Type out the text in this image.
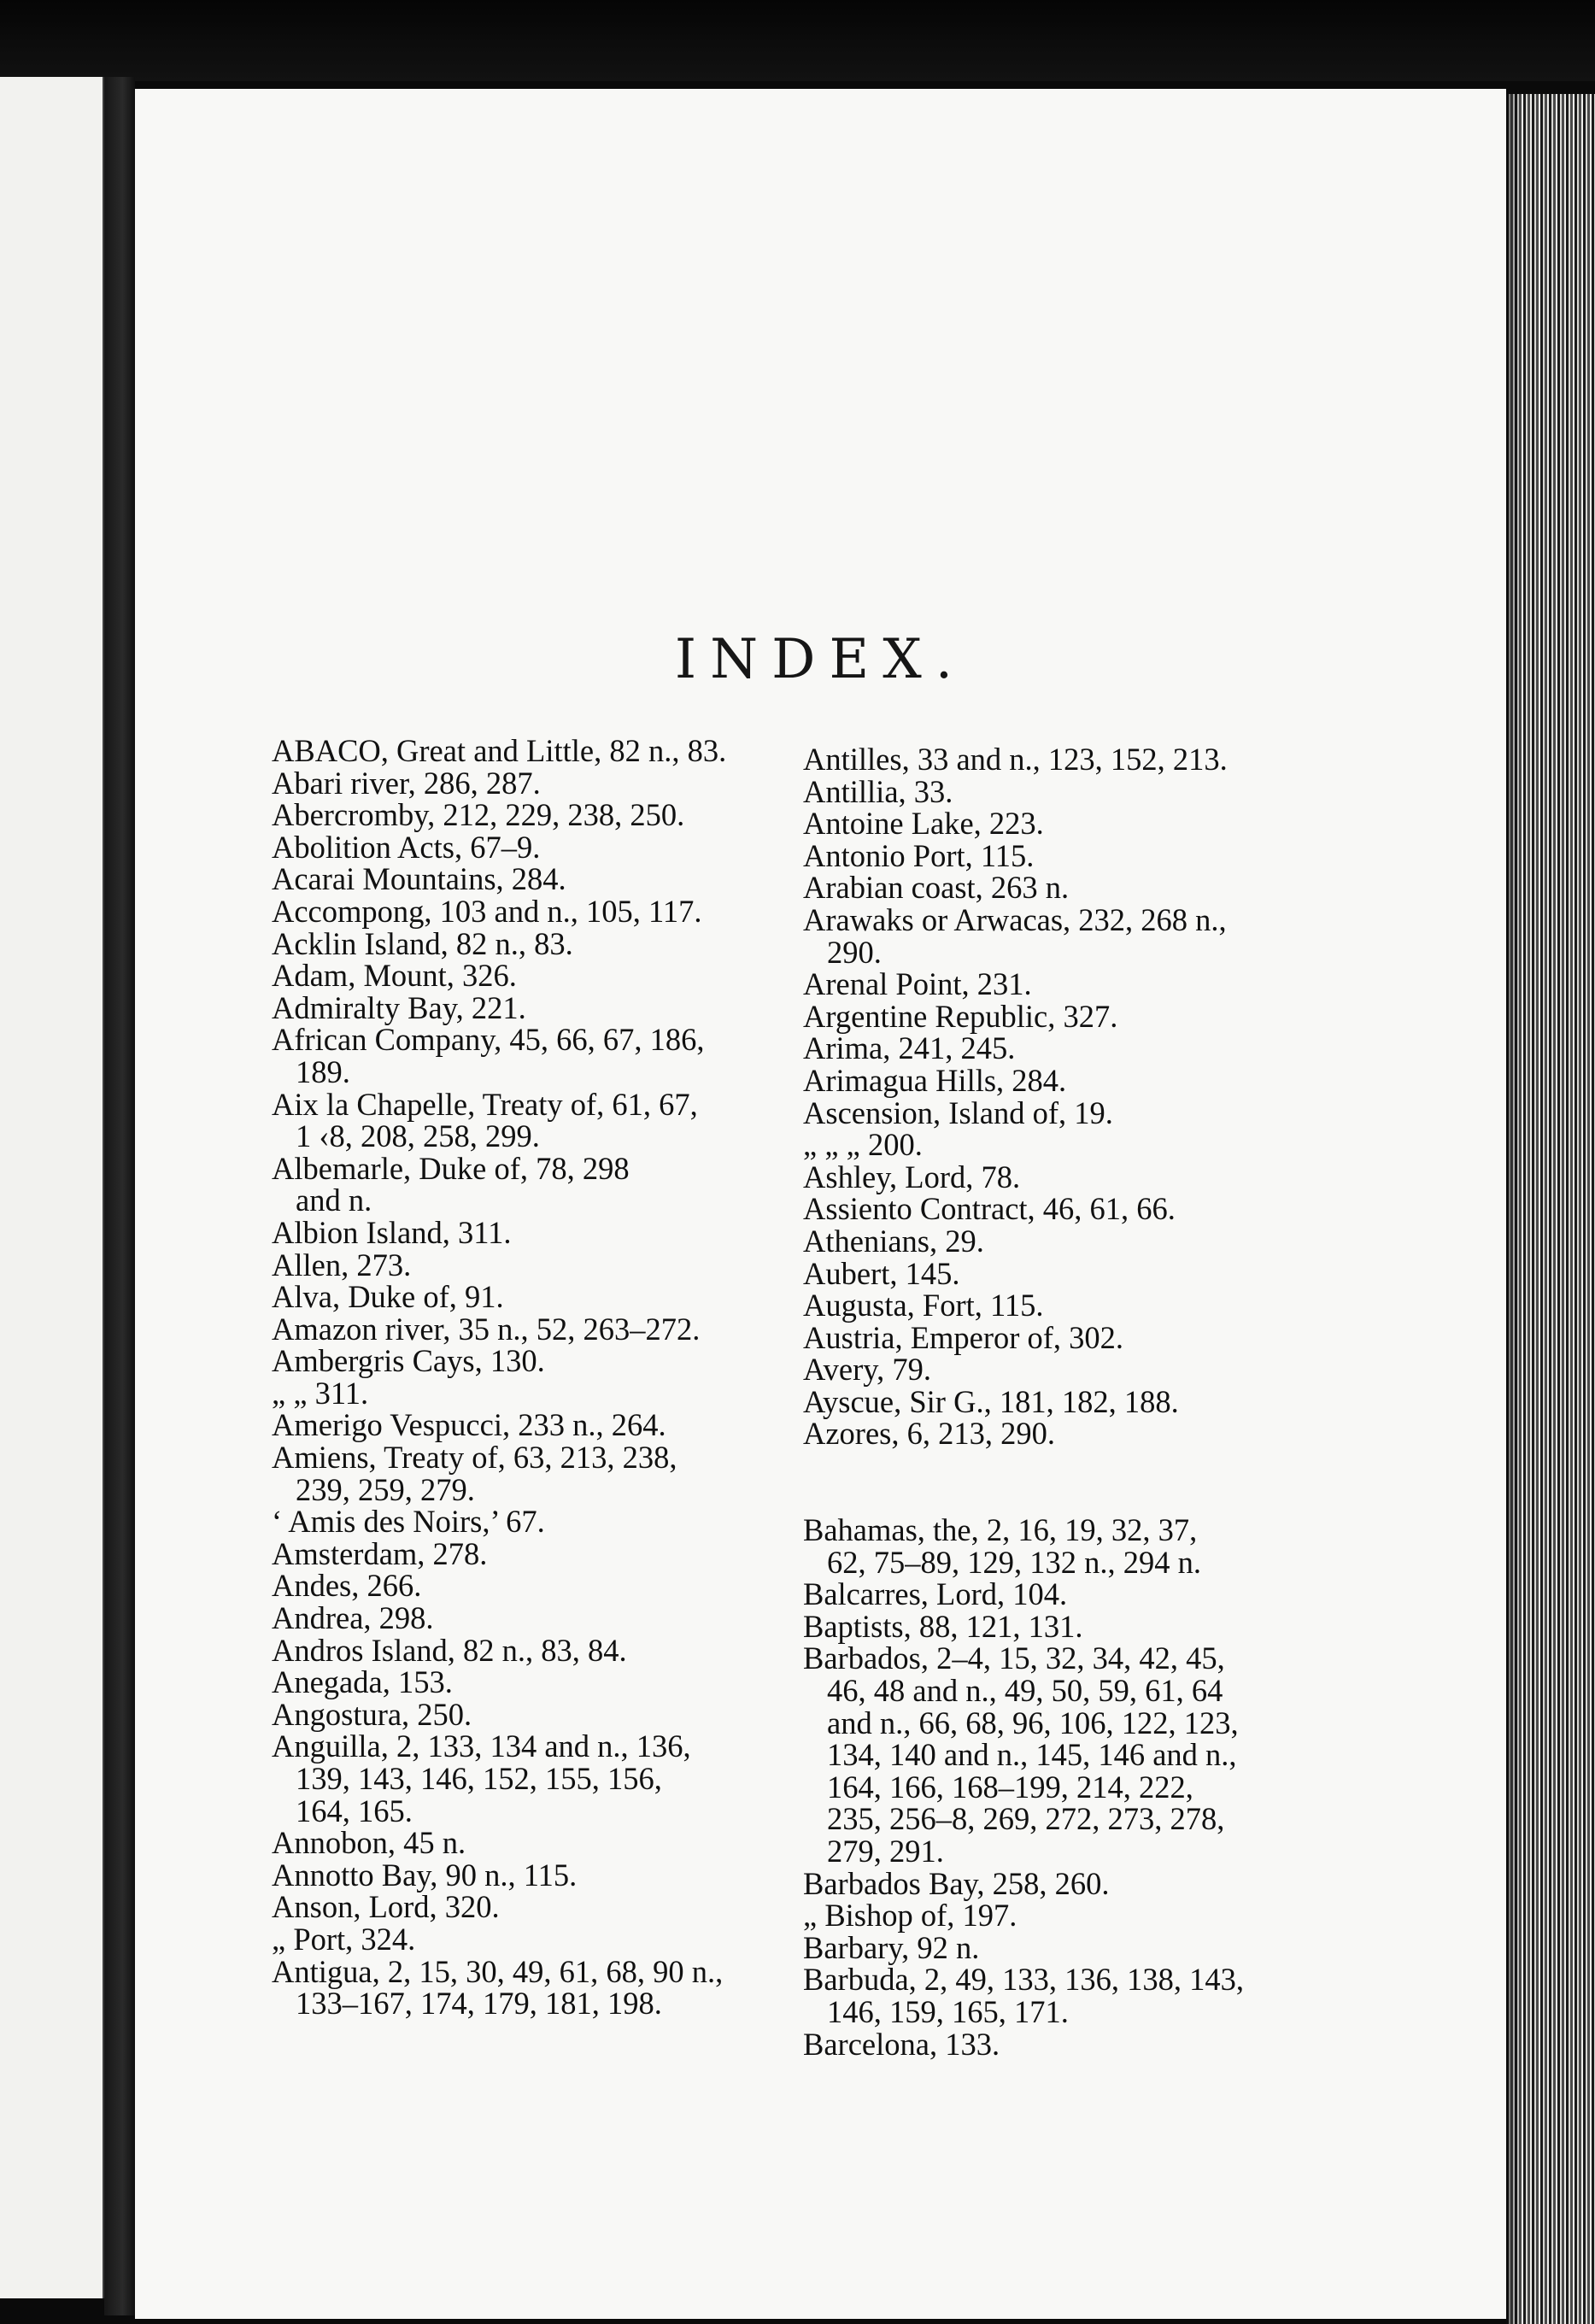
INDEX.
ABACO, Great and Little, 82 n., 83.
Abari river, 286, 287.
Abercromby, 212, 229, 238, 250.
Abolition Acts, 67–9.
Acarai Mountains, 284.
Accompong, 103 and n., 105, 117.
Acklin Island, 82 n., 83.
Adam, Mount, 326.
Admiralty Bay, 221.
African Company, 45, 66, 67, 186,
189.
Aix la Chapelle, Treaty of, 61, 67,
1 ‹8, 208, 258, 299.
Albemarle, Duke of, 78, 298
and n.
Albion Island, 311.
Allen, 273.
Alva, Duke of, 91.
Amazon river, 35 n., 52, 263–272.
Ambergris Cays, 130.
„ „ 311.
Amerigo Vespucci, 233 n., 264.
Amiens, Treaty of, 63, 213, 238,
239, 259, 279.
‘ Amis des Noirs,’ 67.
Amsterdam, 278.
Andes, 266.
Andrea, 298.
Andros Island, 82 n., 83, 84.
Anegada, 153.
Angostura, 250.
Anguilla, 2, 133, 134 and n., 136,
139, 143, 146, 152, 155, 156,
164, 165.
Annobon, 45 n.
Annotto Bay, 90 n., 115.
Anson, Lord, 320.
„ Port, 324.
Antigua, 2, 15, 30, 49, 61, 68, 90 n.,
133–167, 174, 179, 181, 198.
Antilles, 33 and n., 123, 152, 213.
Antillia, 33.
Antoine Lake, 223.
Antonio Port, 115.
Arabian coast, 263 n.
Arawaks or Arwacas, 232, 268 n.,
290.
Arenal Point, 231.
Argentine Republic, 327.
Arima, 241, 245.
Arimagua Hills, 284.
Ascension, Island of, 19.
„ „ „ 200.
Ashley, Lord, 78.
Assiento Contract, 46, 61, 66.
Athenians, 29.
Aubert, 145.
Augusta, Fort, 115.
Austria, Emperor of, 302.
Avery, 79.
Ayscue, Sir G., 181, 182, 188.
Azores, 6, 213, 290.
Bahamas, the, 2, 16, 19, 32, 37,
62, 75–89, 129, 132 n., 294 n.
Balcarres, Lord, 104.
Baptists, 88, 121, 131.
Barbados, 2–4, 15, 32, 34, 42, 45,
46, 48 and n., 49, 50, 59, 61, 64
and n., 66, 68, 96, 106, 122, 123,
134, 140 and n., 145, 146 and n.,
164, 166, 168–199, 214, 222,
235, 256–8, 269, 272, 273, 278,
279, 291.
Barbados Bay, 258, 260.
„ Bishop of, 197.
Barbary, 92 n.
Barbuda, 2, 49, 133, 136, 138, 143,
146, 159, 165, 171.
Barcelona, 133.
